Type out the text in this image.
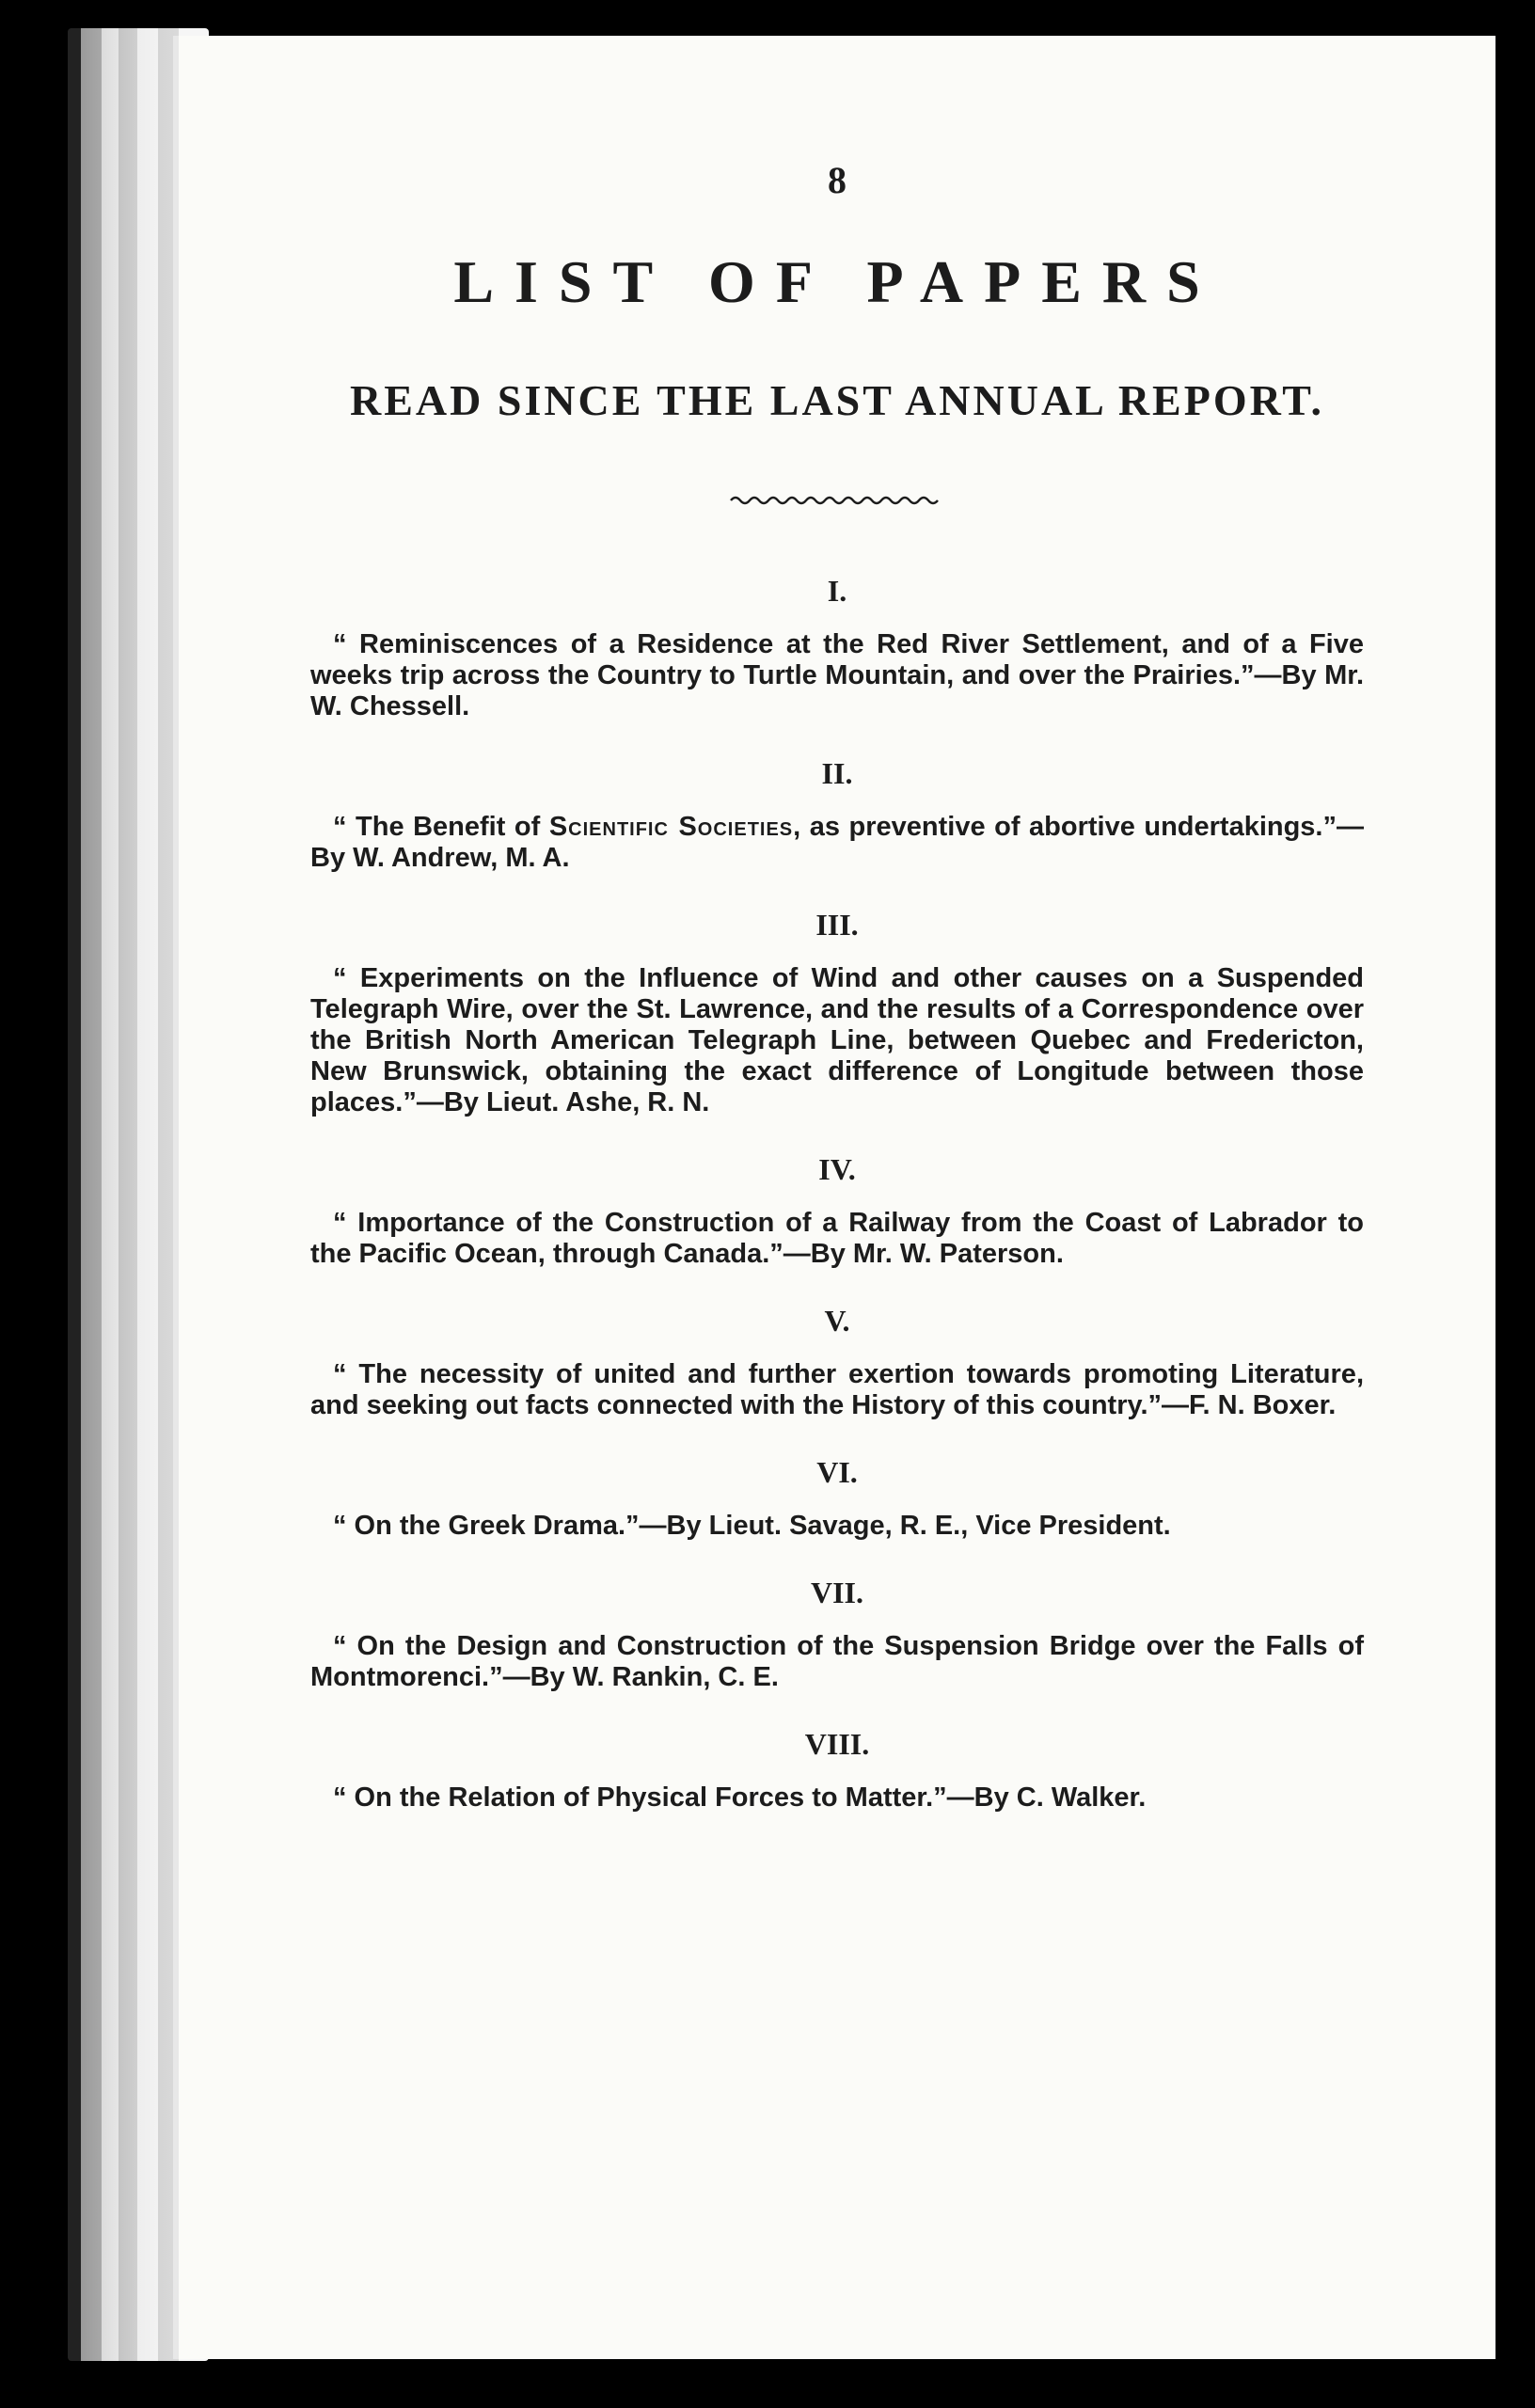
8
LIST OF PAPERS
READ SINCE THE LAST ANNUAL REPORT.
I.

“ Reminiscences of a Residence at the Red River Settlement, and of a Five weeks trip across the Country to Turtle Mountain, and over the Prairies.”—By Mr. W. Chessell.

II.

“ The Benefit of Scientific Societies, as preventive of abortive undertakings.”—By W. Andrew, M. A.

III.

“ Experiments on the Influence of Wind and other causes on a Suspended Telegraph Wire, over the St. Lawrence, and the results of a Correspondence over the British North American Telegraph Line, between Quebec and Fredericton, New Brunswick, obtaining the exact difference of Longitude between those places.”—By Lieut. Ashe, R. N.

IV.

“ Importance of the Construction of a Railway from the Coast of Labrador to the Pacific Ocean, through Canada.”—By Mr. W. Paterson.

V.

“ The necessity of united and further exertion towards promoting Literature, and seeking out facts connected with the History of this country.”—F. N. Boxer.

VI.

“ On the Greek Drama.”—By Lieut. Savage, R. E., Vice President.

VII.

“ On the Design and Construction of the Suspension Bridge over the Falls of Montmorenci.”—By W. Rankin, C. E.

VIII.

“ On the Relation of Physical Forces to Matter.”—By C. Walker.
